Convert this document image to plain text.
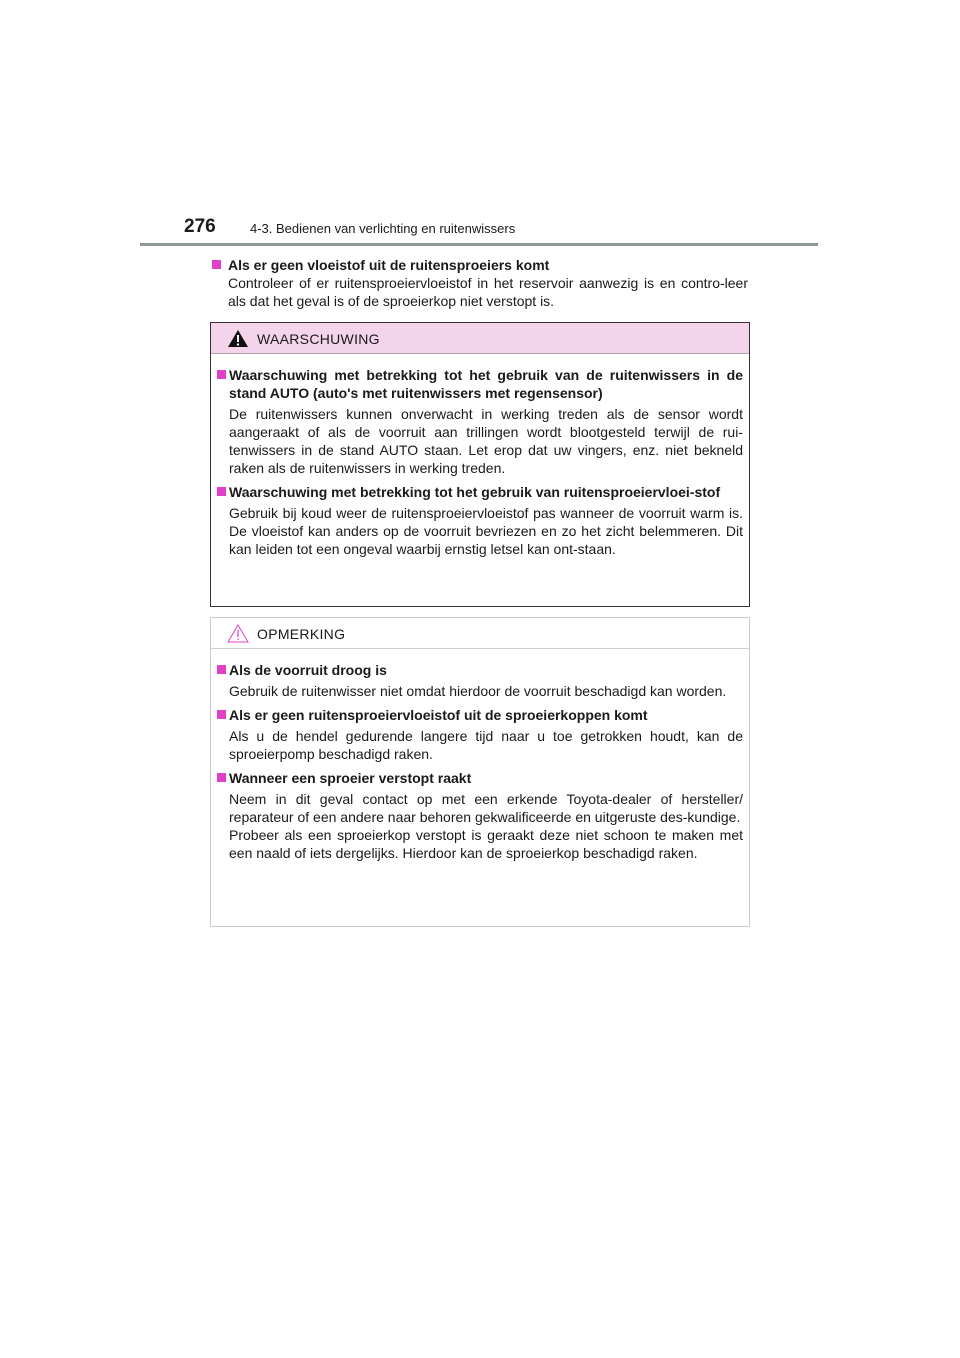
276	4-3. Bedienen van verlichting en ruitenwissers
Als er geen vloeistof uit de ruitensproeiers komt
Controleer of er ruitensproeiervloeistof in het reservoir aanwezig is en contro-leer als dat het geval is of de sproeierkop niet verstopt is.
WAARSCHUWING
Waarschuwing met betrekking tot het gebruik van de ruitenwissers in de stand AUTO (auto's met ruitenwissers met regensensor)

De ruitenwissers kunnen onverwacht in werking treden als de sensor wordt aangeraakt of als de voorruit aan trillingen wordt blootgesteld terwijl de rui-tenwissers in de stand AUTO staan. Let erop dat uw vingers, enz. niet bekneld raken als de ruitenwissers in werking treden.

Waarschuwing met betrekking tot het gebruik van ruitensproeiervloei-stof

Gebruik bij koud weer de ruitensproeiervloeistof pas wanneer de voorruit warm is. De vloeistof kan anders op de voorruit bevriezen en zo het zicht belemmeren. Dit kan leiden tot een ongeval waarbij ernstig letsel kan ont-staan.

OPMERKING
Als de voorruit droog is

Gebruik de ruitenwisser niet omdat hierdoor de voorruit beschadigd kan worden.

Als er geen ruitensproeiervloeistof uit de sproeierkoppen komt

Als u de hendel gedurende langere tijd naar u toe getrokken houdt, kan de sproeierpomp beschadigd raken.

Wanneer een sproeier verstopt raakt

Neem in dit geval contact op met een erkende Toyota-dealer of hersteller/ reparateur of een andere naar behoren gekwalificeerde en uitgeruste des-kundige.

Probeer als een sproeierkop verstopt is geraakt deze niet schoon te maken met een naald of iets dergelijks. Hierdoor kan de sproeierkop beschadigd raken.
